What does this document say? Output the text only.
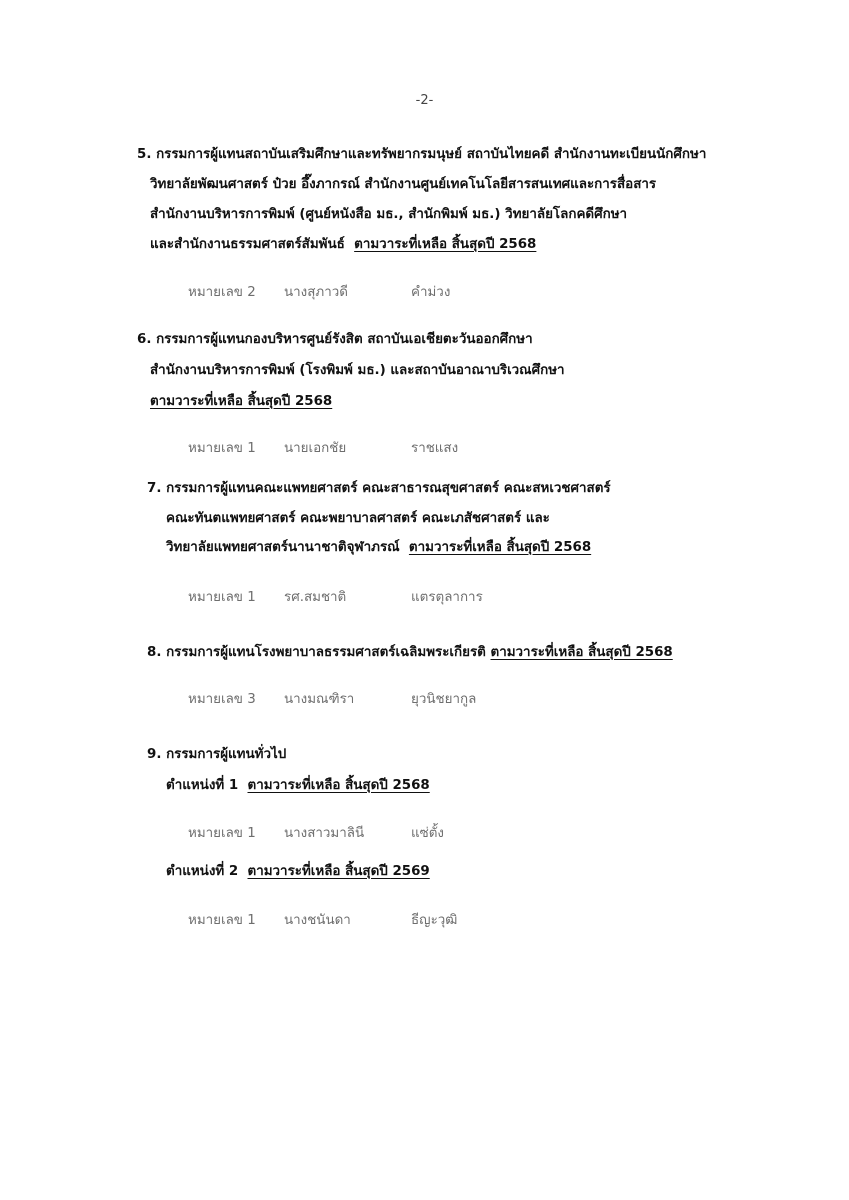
-2-
5. กรรมการผู้แทนสถาบันเสริมศึกษาและทรัพยากรมนุษย์ สถาบันไทยคดี สำนักงานทะเบียนนักศึกษา
วิทยาลัยพัฒนศาสตร์ ป๋วย อึ๊งภากรณ์ สำนักงานศูนย์เทคโนโลยีสารสนเทศและการสื่อสาร
สำนักงานบริหารการพิมพ์ (ศูนย์หนังสือ มธ., สำนักพิมพ์ มธ.) วิทยาลัยโลกคดีศึกษา
และสำนักงานธรรมศาสตร์สัมพันธ์ ตามวาระที่เหลือ สิ้นสุดปี 2568
หมายเลข 2 นางสุภาวดี	คำม่วง
6. กรรมการผู้แทนกองบริหารศูนย์รังสิต สถาบันเอเชียตะวันออกศึกษา
สำนักงานบริหารการพิมพ์ (โรงพิมพ์ มธ.) และสถาบันอาณาบริเวณศึกษา
ตามวาระที่เหลือ สิ้นสุดปี 2568
หมายเลข 1 นายเอกชัย	ราชแสง
7. กรรมการผู้แทนคณะแพทยศาสตร์ คณะสาธารณสุขศาสตร์ คณะสหเวชศาสตร์
คณะทันตแพทยศาสตร์ คณะพยาบาลศาสตร์ คณะเภสัชศาสตร์ และ
วิทยาลัยแพทยศาสตร์นานาชาติจุฬาภรณ์ ตามวาระที่เหลือ สิ้นสุดปี 2568
หมายเลข 1 รศ.สมชาติ	แตรตุลาการ
8. กรรมการผู้แทนโรงพยาบาลธรรมศาสตร์เฉลิมพระเกียรติ ตามวาระที่เหลือ สิ้นสุดปี 2568
หมายเลข 3 นางมณฑิรา	ยุวนิชยากูล
9. กรรมการผู้แทนทั่วไป
ตำแหน่งที่ 1 ตามวาระที่เหลือ สิ้นสุดปี 2568
หมายเลข 1 นางสาวมาลินี	แซ่ตั้ง
ตำแหน่งที่ 2 ตามวาระที่เหลือ สิ้นสุดปี 2569
หมายเลข 1 นางชนันดา	ธีญะวุฒิ
